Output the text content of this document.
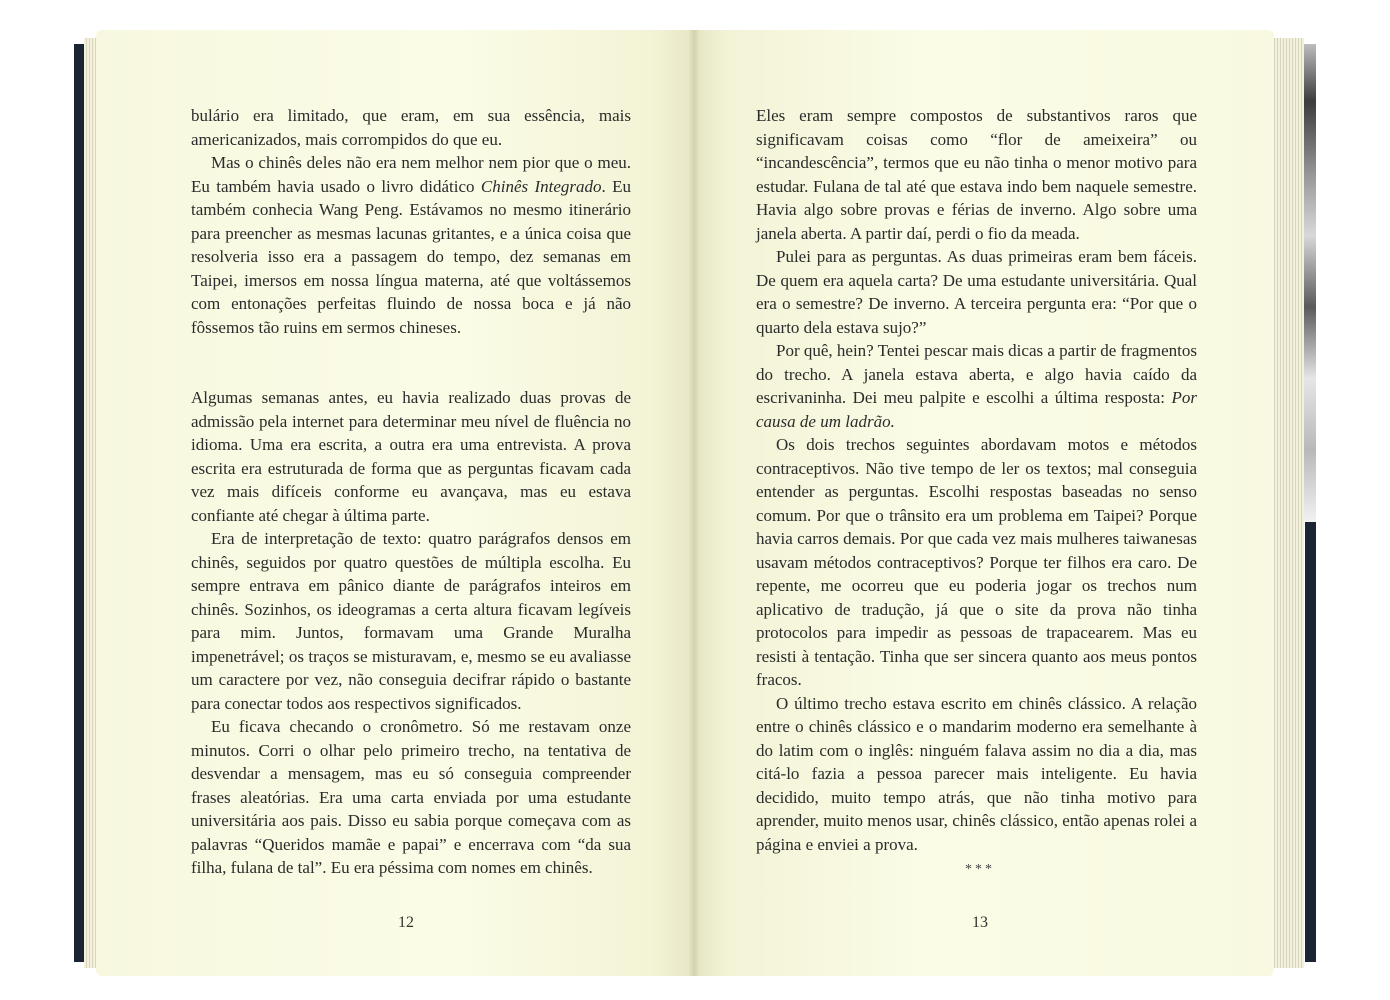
bulário era limitado, que eram, em sua essência, mais americanizados, mais corrompidos do que eu.

Mas o chinês deles não era nem melhor nem pior que o meu. Eu também havia usado o livro didático Chinês Integrado. Eu também conhecia Wang Peng. Estávamos no mesmo itinerário para preencher as mesmas lacunas gritantes, e a única coisa que resolveria isso era a passagem do tempo, dez semanas em Taipei, imersos em nossa língua materna, até que voltássemos com entonações perfeitas fluindo de nossa boca e já não fôssemos tão ruins em sermos chineses.

Algumas semanas antes, eu havia realizado duas provas de admissão pela internet para determinar meu nível de fluência no idioma. Uma era escrita, a outra era uma entrevista. A prova escrita era estruturada de forma que as perguntas ficavam cada vez mais difíceis conforme eu avançava, mas eu estava confiante até chegar à última parte.

Era de interpretação de texto: quatro parágrafos densos em chinês, seguidos por quatro questões de múltipla escolha. Eu sempre entrava em pânico diante de parágrafos inteiros em chinês. Sozinhos, os ideogramas a certa altura ficavam legíveis para mim. Juntos, formavam uma Grande Muralha impenetrável; os traços se misturavam, e, mesmo se eu avaliasse um caractere por vez, não conseguia decifrar rápido o bastante para conectar todos aos respectivos significados.

Eu ficava checando o cronômetro. Só me restavam onze minutos. Corri o olhar pelo primeiro trecho, na tentativa de desvendar a mensagem, mas eu só conseguia compreender frases aleatórias. Era uma carta enviada por uma estudante universitária aos pais. Disso eu sabia porque começava com as palavras “Queridos mamãe e papai” e encerrava com “da sua filha, fulana de tal”. Eu era péssima com nomes em chinês.

12

Eles eram sempre compostos de substantivos raros que significavam coisas como “flor de ameixeira” ou “incandescência”, termos que eu não tinha o menor motivo para estudar. Fulana de tal até que estava indo bem naquele semestre. Havia algo sobre provas e férias de inverno. Algo sobre uma janela aberta. A partir daí, perdi o fio da meada.

Pulei para as perguntas. As duas primeiras eram bem fáceis. De quem era aquela carta? De uma estudante universitária. Qual era o semestre? De inverno. A terceira pergunta era: “Por que o quarto dela estava sujo?”

Por quê, hein? Tentei pescar mais dicas a partir de fragmentos do trecho. A janela estava aberta, e algo havia caído da escrivaninha. Dei meu palpite e escolhi a última resposta: Por causa de um ladrão.

Os dois trechos seguintes abordavam motos e métodos contraceptivos. Não tive tempo de ler os textos; mal conseguia entender as perguntas. Escolhi respostas baseadas no senso comum. Por que o trânsito era um problema em Taipei? Porque havia carros demais. Por que cada vez mais mulheres taiwanesas usavam métodos contraceptivos? Porque ter filhos era caro. De repente, me ocorreu que eu poderia jogar os trechos num aplicativo de tradução, já que o site da prova não tinha protocolos para impedir as pessoas de trapacearem. Mas eu resisti à tentação. Tinha que ser sincera quanto aos meus pontos fracos.

O último trecho estava escrito em chinês clássico. A relação entre o chinês clássico e o mandarim moderno era semelhante à do latim com o inglês: ninguém falava assim no dia a dia, mas citá-lo fazia a pessoa parecer mais inteligente. Eu havia decidido, muito tempo atrás, que não tinha motivo para aprender, muito menos usar, chinês clássico, então apenas rolei a página e enviei a prova.

***
13
